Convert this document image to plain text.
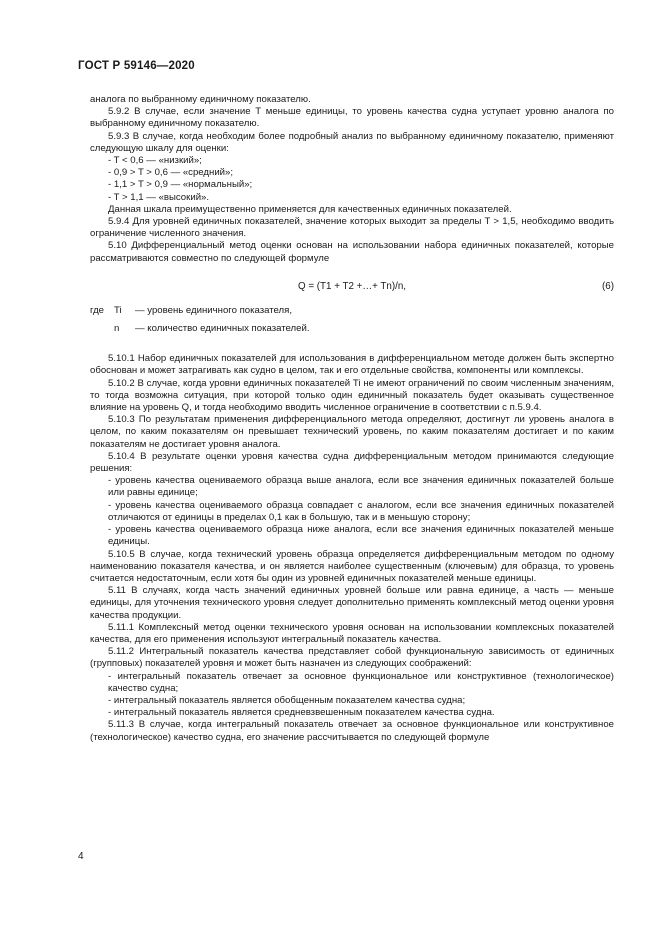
ГОСТ Р 59146—2020

аналога по выбранному единичному показателю.

5.9.2 В случае, если значение T меньше единицы, то уровень качества судна уступает уровню аналога по выбранному единичному показателю.

5.9.3 В случае, когда необходим более подробный анализ по выбранному единичному показателю, применяют следующую шкалу для оценки:

- T < 0,6 — «низкий»;

- 0,9 > T > 0,6 — «средний»;

- 1,1 > T > 0,9 — «нормальный»;

- T > 1,1 — «высокий».

Данная шкала преимущественно применяется для качественных единичных показателей.

5.9.4 Для уровней единичных показателей, значение которых выходит за пределы T > 1,5, необходимо вводить ограничение численного значения.

5.10 Дифференциальный метод оценки основан на использовании набора единичных показателей, которые рассматриваются совместно по следующей формуле

Q = (T1 + T2 +…+ Tn)/n,	(6)
где	Ti	— уровень единичного показателя,
n	— количество единичных показателей.

5.10.1 Набор единичных показателей для использования в дифференциальном методе должен быть экспертно обоснован и может затрагивать как судно в целом, так и его отдельные свойства, компоненты или комплексы.

5.10.2 В случае, когда уровни единичных показателей Ti не имеют ограничений по своим численным значениям, то тогда возможна ситуация, при которой только один единичный показатель будет оказывать существенное влияние на уровень Q, и тогда необходимо вводить численное ограничение в соответствии с п.5.9.4.

5.10.3 По результатам применения дифференциального метода определяют, достигнут ли уровень аналога в целом, по каким показателям он превышает технический уровень, по каким показателям достигает и по каким показателям не достигает уровня аналога.

5.10.4 В результате оценки уровня качества судна дифференциальным методом принимаются следующие решения:

- уровень качества оцениваемого образца выше аналога, если все значения единичных показателей больше или равны единице;

- уровень качества оцениваемого образца совпадает с аналогом, если все значения единичных показателей отличаются от единицы в пределах 0,1 как в большую, так и в меньшую сторону;

- уровень качества оцениваемого образца ниже аналога, если все значения единичных показателей меньше единицы.

5.10.5 В случае, когда технический уровень образца определяется дифференциальным методом по одному наименованию показателя качества, и он является наиболее существенным (ключевым) для образца, то уровень считается недостаточным, если хотя бы один из уровней единичных показателей меньше единицы.

5.11 В случаях, когда часть значений единичных уровней больше или равна единице, а часть — меньше единицы, для уточнения технического уровня следует дополнительно применять комплексный метод оценки уровня качества продукции.

5.11.1 Комплексный метод оценки технического уровня основан на использовании комплексных показателей качества, для его применения используют интегральный показатель качества.

5.11.2 Интегральный показатель качества представляет собой функциональную зависимость от единичных (групповых) показателей уровня и может быть назначен из следующих соображений:

- интегральный показатель отвечает за основное функциональное или конструктивное (технологическое) качество судна;

- интегральный показатель является обобщенным показателем качества судна;

- интегральный показатель является средневзвешенным показателем качества судна.

5.11.3 В случае, когда интегральный показатель отвечает за основное функциональное или конструктивное (технологическое) качество судна, его значение рассчитывается по следующей формуле

4
